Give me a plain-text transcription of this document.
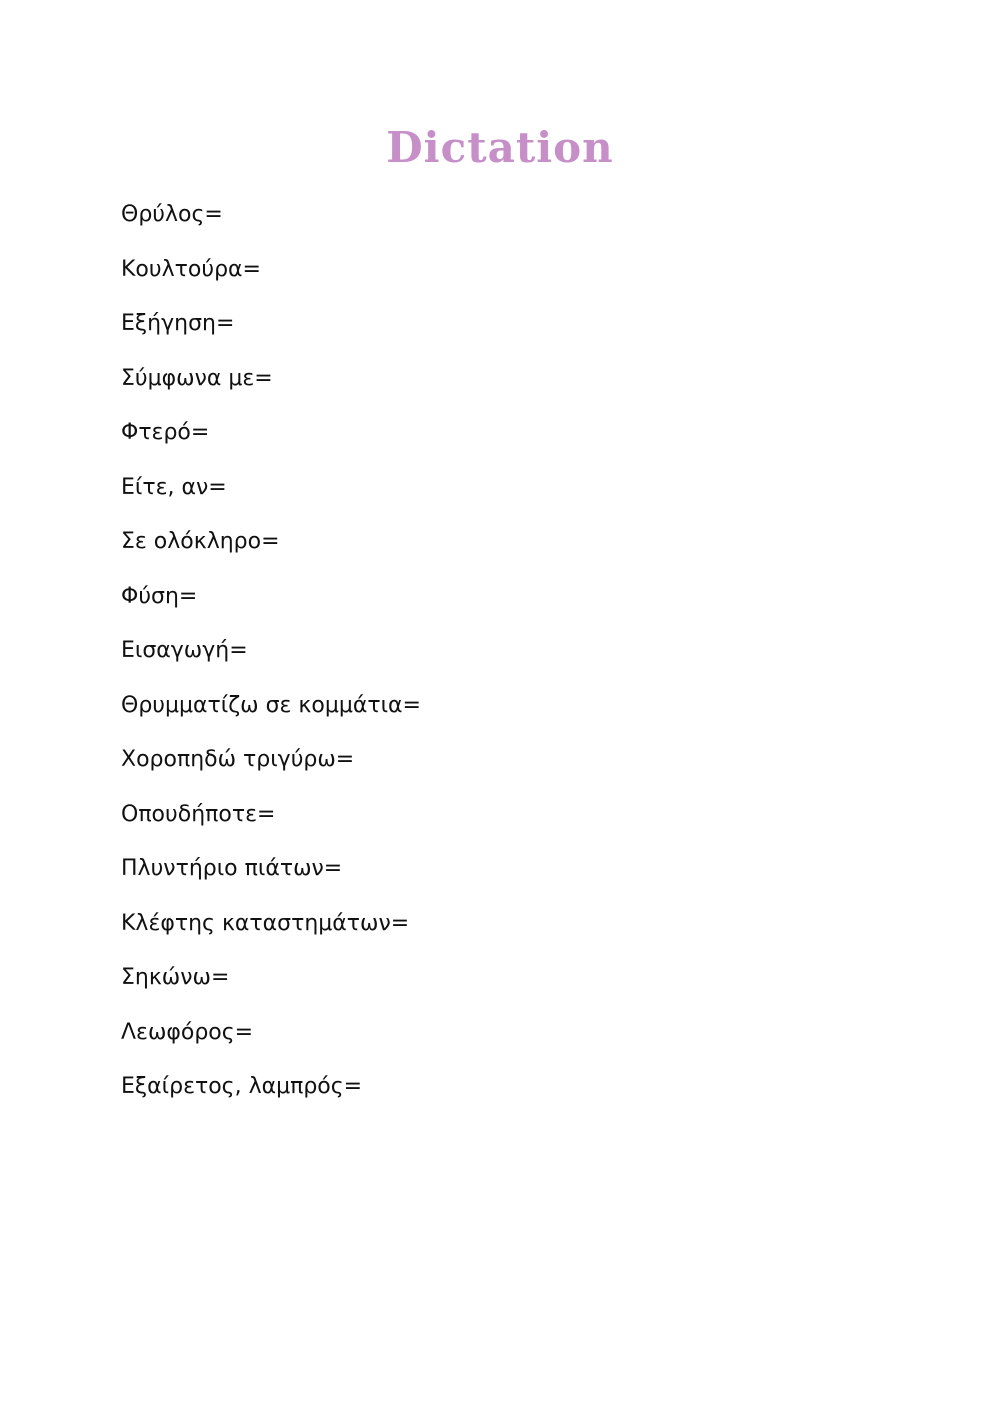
Dictation
Θρύλος=
Κουλτούρα=
Εξήγηση=
Σύμφωνα με=
Φτερό=
Είτε, αν=
Σε ολόκληρο=
Φύση=
Εισαγωγή=
Θρυμματίζω σε κομμάτια=
Χοροπηδώ τριγύρω=
Οπουδήποτε=
Πλυντήριο πιάτων=
Κλέφτης καταστημάτων=
Σηκώνω=
Λεωφόρος=
Εξαίρετος, λαμπρός=
